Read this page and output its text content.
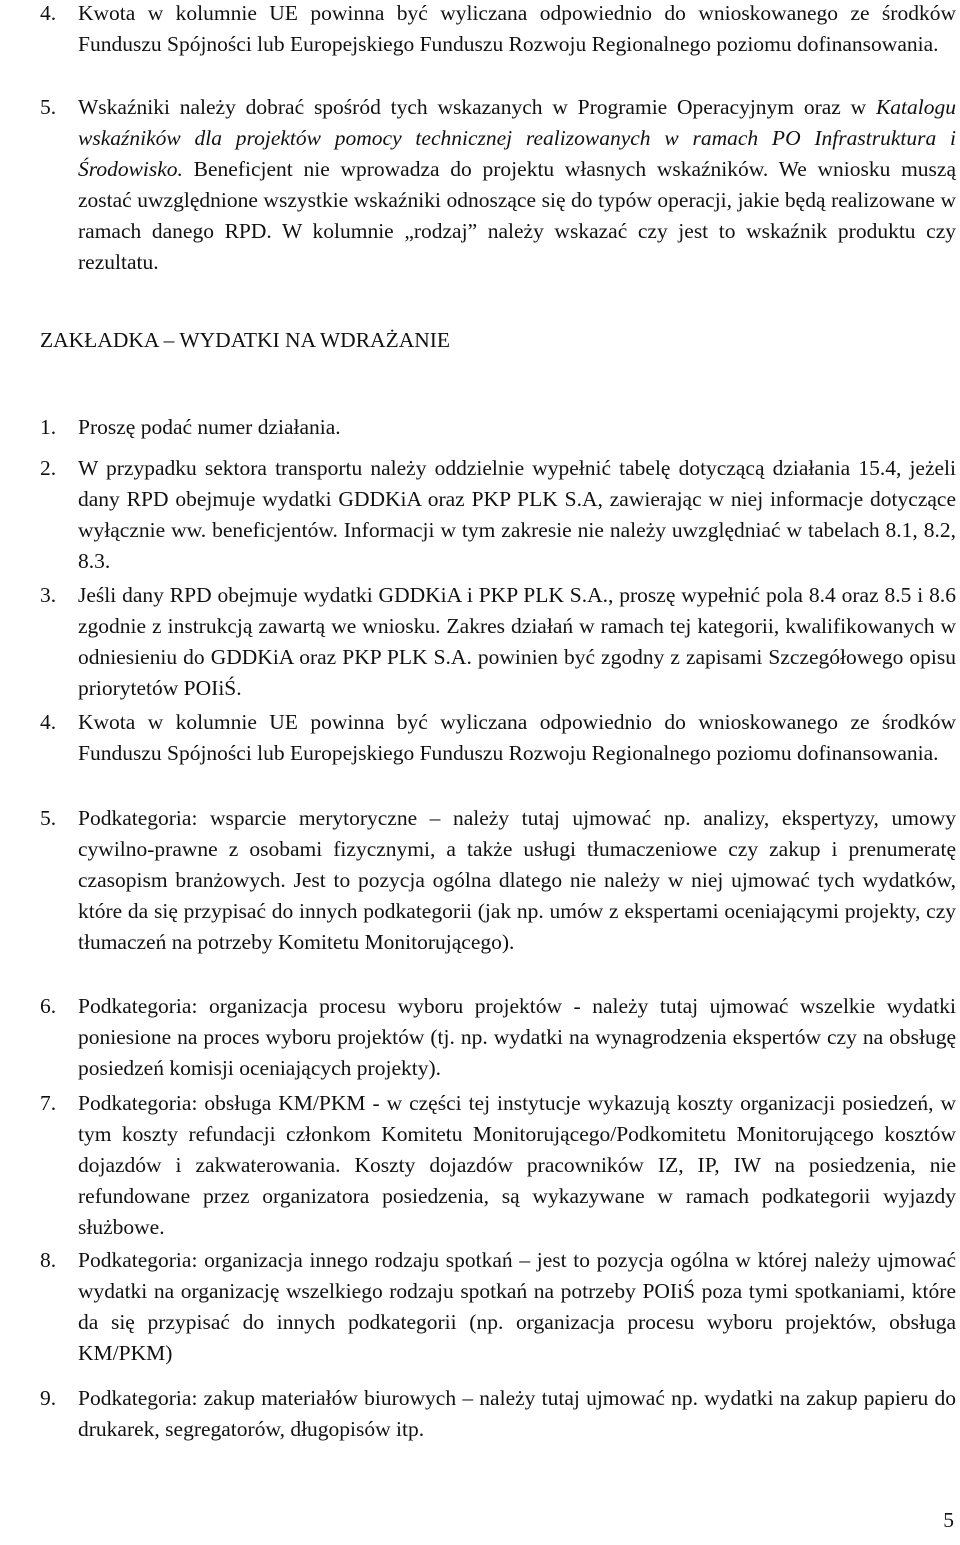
4. Kwota w kolumnie UE powinna być wyliczana odpowiednio do wnioskowanego ze środków Funduszu Spójności lub Europejskiego Funduszu Rozwoju Regionalnego poziomu dofinansowania.

5. Wskaźniki należy dobrać spośród tych wskazanych w Programie Operacyjnym oraz w Katalogu wskaźników dla projektów pomocy technicznej realizowanych w ramach PO Infrastruktura i Środowisko. Beneficjent nie wprowadza do projektu własnych wskaźników. We wniosku muszą zostać uwzględnione wszystkie wskaźniki odnoszące się do typów operacji, jakie będą realizowane w ramach danego RPD. W kolumnie „rodzaj” należy wskazać czy jest to wskaźnik produktu czy rezultatu.

ZAKŁADKA – WYDATKI NA WDRAŻANIE

1. Proszę podać numer działania.

2. W przypadku sektora transportu należy oddzielnie wypełnić tabelę dotyczącą działania 15.4, jeżeli dany RPD obejmuje wydatki GDDKiA oraz PKP PLK S.A, zawierając w niej informacje dotyczące wyłącznie ww. beneficjentów. Informacji w tym zakresie nie należy uwzględniać w tabelach 8.1, 8.2, 8.3.

3. Jeśli dany RPD obejmuje wydatki GDDKiA i PKP PLK S.A., proszę wypełnić pola 8.4 oraz 8.5 i 8.6 zgodnie z instrukcją zawartą we wniosku. Zakres działań w ramach tej kategorii, kwalifikowanych w odniesieniu do GDDKiA oraz PKP PLK S.A. powinien być zgodny z zapisami Szczegółowego opisu priorytetów POIiŚ.

4. Kwota w kolumnie UE powinna być wyliczana odpowiednio do wnioskowanego ze środków Funduszu Spójności lub Europejskiego Funduszu Rozwoju Regionalnego poziomu dofinansowania.

5. Podkategoria: wsparcie merytoryczne – należy tutaj ujmować np. analizy, ekspertyzy, umowy cywilno-prawne z osobami fizycznymi, a także usługi tłumaczeniowe czy zakup i prenumeratę czasopism branżowych. Jest to pozycja ogólna dlatego nie należy w niej ujmować tych wydatków, które da się przypisać do innych podkategorii (jak np. umów z ekspertami oceniającymi projekty, czy tłumaczeń na potrzeby Komitetu Monitorującego).

6. Podkategoria: organizacja procesu wyboru projektów - należy tutaj ujmować wszelkie wydatki poniesione na proces wyboru projektów (tj. np. wydatki na wynagrodzenia ekspertów czy na obsługę posiedzeń komisji oceniających projekty).

7. Podkategoria: obsługa KM/PKM - w części tej instytucje wykazują koszty organizacji posiedzeń, w tym koszty refundacji członkom Komitetu Monitorującego/Podkomitetu Monitorującego kosztów dojazdów i zakwaterowania. Koszty dojazdów pracowników IZ, IP, IW na posiedzenia, nie refundowane przez organizatora posiedzenia, są wykazywane w ramach podkategorii wyjazdy służbowe.

8. Podkategoria: organizacja innego rodzaju spotkań – jest to pozycja ogólna w której należy ujmować wydatki na organizację wszelkiego rodzaju spotkań na potrzeby POIiŚ poza tymi spotkaniami, które da się przypisać do innych podkategorii (np. organizacja procesu wyboru projektów, obsługa KM/PKM)

9. Podkategoria: zakup materiałów biurowych – należy tutaj ujmować np. wydatki na zakup papieru do drukarek, segregatorów, długopisów itp.

5
